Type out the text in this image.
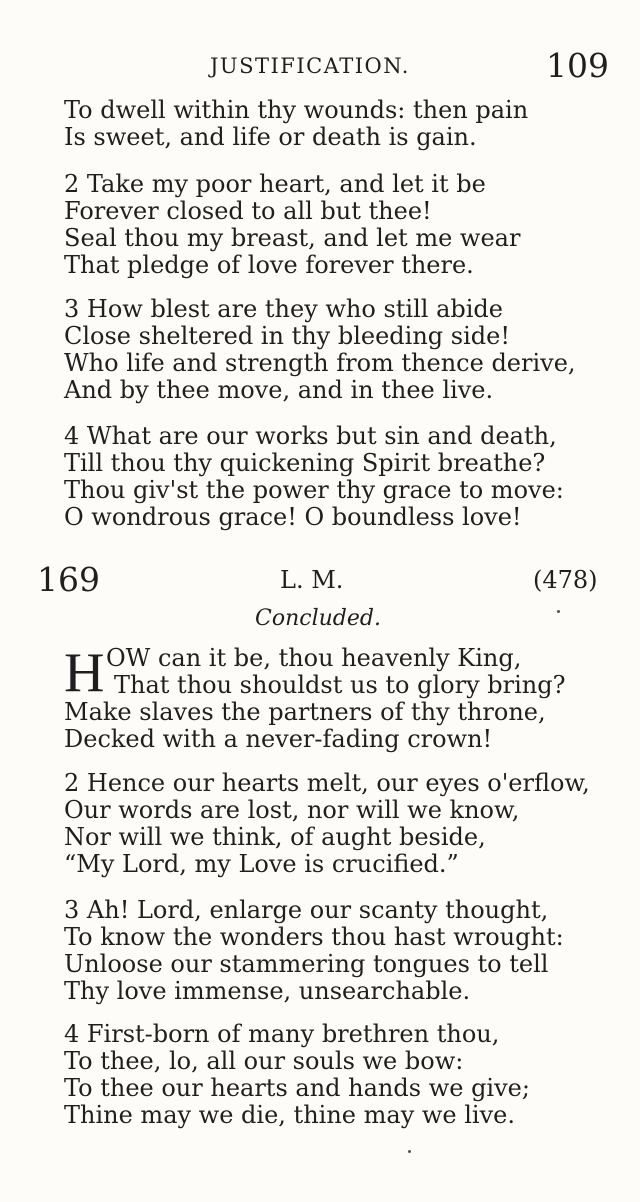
JUSTIFICATION.	109
To dwell within thy wounds: then pain
Is sweet, and life or death is gain.
2 Take my poor heart, and let it be
Forever closed to all but thee!
Seal thou my breast, and let me wear
That pledge of love forever there.
3 How blest are they who still abide
Close sheltered in thy bleeding side!
Who life and strength from thence derive,
And by thee move, and in thee live.
4 What are our works but sin and death,
Till thou thy quickening Spirit breathe?
Thou giv'st the power thy grace to move:
O wondrous grace! O boundless love!
169	L. M.	(478)
Concluded.
H OW can it be, thou heavenly King,
That thou shouldst us to glory bring?
Make slaves the partners of thy throne,
Decked with a never-fading crown!
2 Hence our hearts melt, our eyes o'erflow,
Our words are lost, nor will we know,
Nor will we think, of aught beside,
“My Lord, my Love is crucified.”
3 Ah! Lord, enlarge our scanty thought,
To know the wonders thou hast wrought:
Unloose our stammering tongues to tell
Thy love immense, unsearchable.
4 First-born of many brethren thou,
To thee, lo, all our souls we bow:
To thee our hearts and hands we give;
Thine may we die, thine may we live.
